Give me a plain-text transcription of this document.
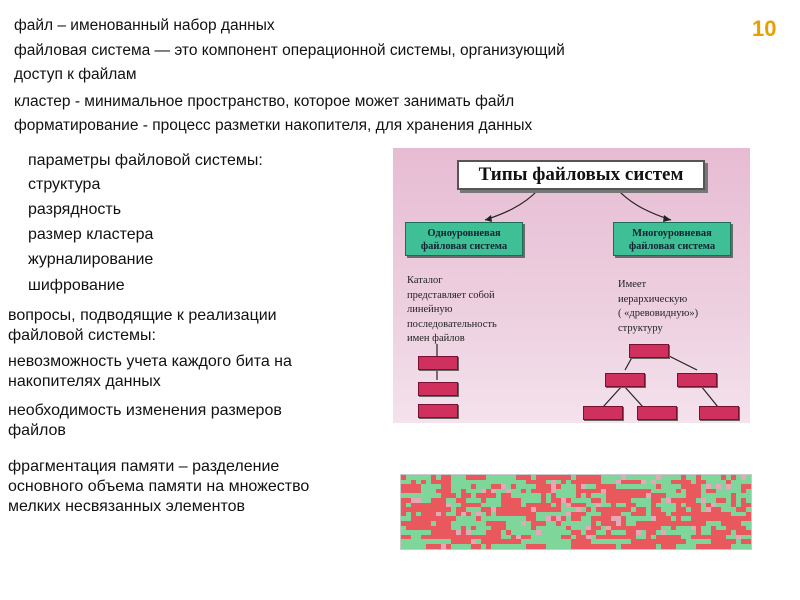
10
файл – именованный набор данных
файловая система — это компонент операционной системы, организующий
доступ к файлам
кластер - минимальное пространство, которое может занимать файл
форматирование - процесс разметки накопителя, для хранения данных
параметры файловой системы:
структура
разрядность
размер кластера
журналирование
шифрование
вопросы, подводящие к реализации
файловой системы:
невозможность учета каждого бита на
накопителях данных
необходимость изменения размеров
файлов
фрагментация памяти – разделение
основного объема памяти на множество
мелких несвязанных элементов
Типы файловых систем
Одноуровневая
файловая система
Многоуровневая
файловая система
Каталог
представляет собой
линейную
последовательность
имен файлов
Имеет
иерархическую
( «древовидную»)
структуру
